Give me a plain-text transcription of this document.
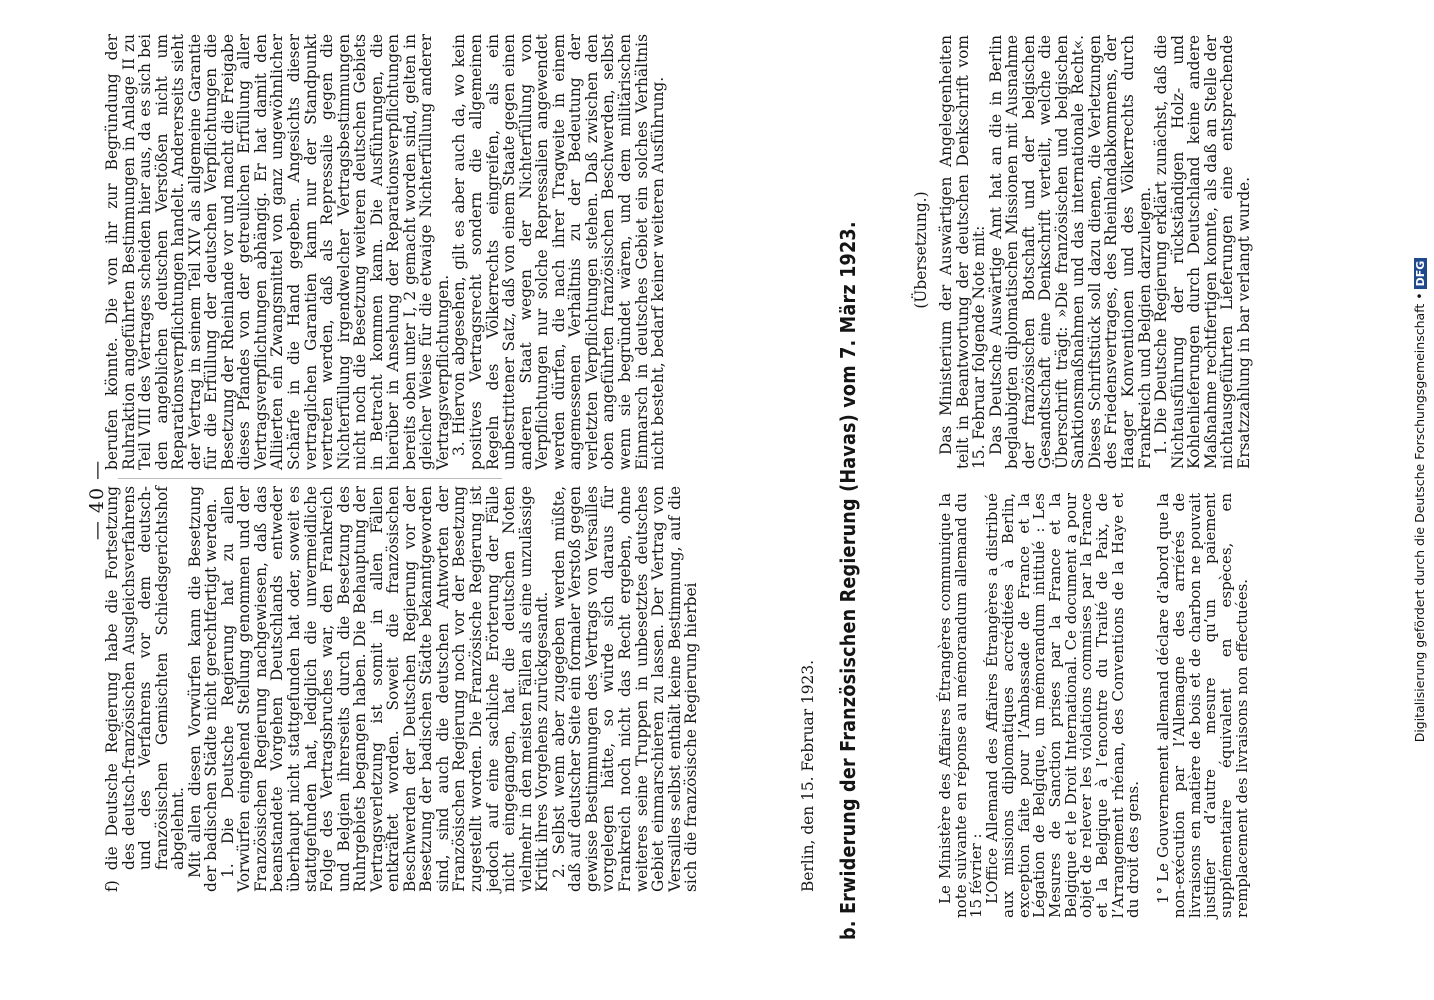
— 40 —

f) die Deutsche Regierung habe die Fortsetzung des deutsch-französischen Ausgleichsverfahrens und des Verfahrens vor dem deutsch-französischen Gemischten Schiedsgerichtshof abgelehnt.

Mit allen diesen Vorwürfen kann die Besetzung der badischen Städte nicht gerechtfertigt werden.

1. Die Deutsche Regierung hat zu allen Vorwürfen eingehend Stellung genommen und der Französischen Regierung nachgewiesen, daß das beanstandete Vorgehen Deutschlands entweder überhaupt nicht stattgefunden hat oder, soweit es stattgefunden hat, lediglich die unvermeidliche Folge des Vertragsbruches war, den Frankreich und Belgien ihrerseits durch die Besetzung des Ruhrgebiets begangen haben. Die Behauptung der Vertragsverletzung ist somit in allen Fällen entkräftet worden. Soweit die französischen Beschwerden der Deutschen Regierung vor der Besetzung der badischen Städte bekanntgeworden sind, sind auch die deutschen Antworten der Französischen Regierung noch vor der Besetzung zugestellt worden. Die Französische Regierung ist jedoch auf eine sachliche Erörterung der Fälle nicht eingegangen, hat die deutschen Noten vielmehr in den meisten Fällen als eine unzulässige Kritik ihres Vorgehens zurückgesandt.

2. Selbst wenn aber zugegeben werden müßte, daß auf deutscher Seite ein formaler Verstoß gegen gewisse Bestimmungen des Vertrags von Versailles vorgelegen hätte, so würde sich daraus für Frankreich noch nicht das Recht ergeben, ohne weiteres seine Truppen in unbesetztes deutsches Gebiet einmarschieren zu lassen. Der Vertrag von Versailles selbst enthält keine Bestimmung, auf die sich die französische Regierung hierbei

berufen könnte. Die von ihr zur Begründung der Ruhraktion angeführten Bestimmungen in Anlage II zu Teil VIII des Vertrages scheiden hier aus, da es sich bei den angeblichen deutschen Verstößen nicht um Reparationsverpflichtungen handelt. Andererseits sieht der Vertrag in seinem Teil XIV als allgemeine Garantie für die Erfüllung der deutschen Verpflichtungen die Besetzung der Rheinlande vor und macht die Freigabe dieses Pfandes von der getreulichen Erfüllung aller Vertragsverpflichtungen abhängig. Er hat damit den Alliierten ein Zwangsmittel von ganz ungewöhnlicher Schärfe in die Hand gegeben. Angesichts dieser vertraglichen Garantien kann nur der Standpunkt vertreten werden, daß als Repressalie gegen die Nichterfüllung irgendwelcher Vertragsbestimmungen nicht noch die Besetzung weiteren deutschen Gebiets in Betracht kommen kann. Die Ausführungen, die hierüber in Ansehung der Reparationsverpflichtungen bereits oben unter I, 2 gemacht worden sind, gelten in gleicher Weise für die etwaige Nichterfüllung anderer Vertragsverpflichtungen.

3. Hiervon abgesehen, gilt es aber auch da, wo kein positives Vertragsrecht sondern die allgemeinen Regeln des Völkerrechts eingreifen, als ein unbestrittener Satz, daß von einem Staate gegen einen anderen Staat wegen der Nichterfüllung von Verpflichtungen nur solche Repressalien angewendet werden dürfen, die nach ihrer Tragweite in einem angemessenen Verhältnis zu der Bedeutung der verletzten Verpflichtungen stehen. Daß zwischen den oben angeführten französischen Beschwerden, selbst wenn sie begründet wären, und dem militärischen Einmarsch in deutsches Gebiet ein solches Verhältnis nicht besteht, bedarf keiner weiteren Ausführung.

Berlin, den 15. Februar 1923. b. Erwiderung der Französischen Regierung (Havas) vom 7. März 1923.	(Übersetzung.)

Le Ministère des Affaires Étrangères communique la note suivante en réponse au mémorandum allemand du 15 février :

L’Office Allemand des Affaires Étrangères a distribué aux missions diplomatiques accréditées à Berlin, exception faite pour l’Ambassade de France et la Légation de Belgique, un mémorandum intitulé : Les Mesures de Sanction prises par la France et la Belgique et le Droit International. Ce document a pour objet de relever les violations commises par la France et la Belgique à l’encontre du Traité de Paix, de l’Arrangement rhénan, des Conventions de la Haye et du droit des gens. 1° Le Gouvernement allemand déclare d’abord que la non-exécution par l’Allemagne des arriérés de livraisons en matière de bois et de charbon ne pouvait justifier d’autre mesure qu’un paiement supplémentaire équivalent en espèces, en remplacement des livraisons non effectuées.

Das Ministerium der Auswärtigen Angelegenheiten teilt in Beantwortung der deutschen Denkschrift vom 15. Februar folgende Note mit:

Das Deutsche Auswärtige Amt hat an die in Berlin beglaubigten diplomatischen Missionen mit Ausnahme der französischen Botschaft und der belgischen Gesandtschaft eine Denkschrift verteilt, welche die Überschrift trägt: »Die französischen und belgischen Sanktionsmaßnahmen und das internationale Recht«. Dieses Schriftstück soll dazu dienen, die Verletzungen des Friedensvertrages, des Rheinlandabkommens, der Haager Konventionen und des Völkerrechts durch Frankreich und Belgien darzulegen.

1. Die Deutsche Regierung erklärt zunächst, daß die Nichtausführung der rückständigen Holz- und Kohlenlieferungen durch Deutschland keine andere Maßnahme rechtfertigen konnte, als daß an Stelle der nichtausgeführten Lieferungen eine entsprechende Ersatzzahlung in bar verlangt wurde.	Digitalisierung gefördert durch die Deutsche Forschungsgemeinschaft •DFG
